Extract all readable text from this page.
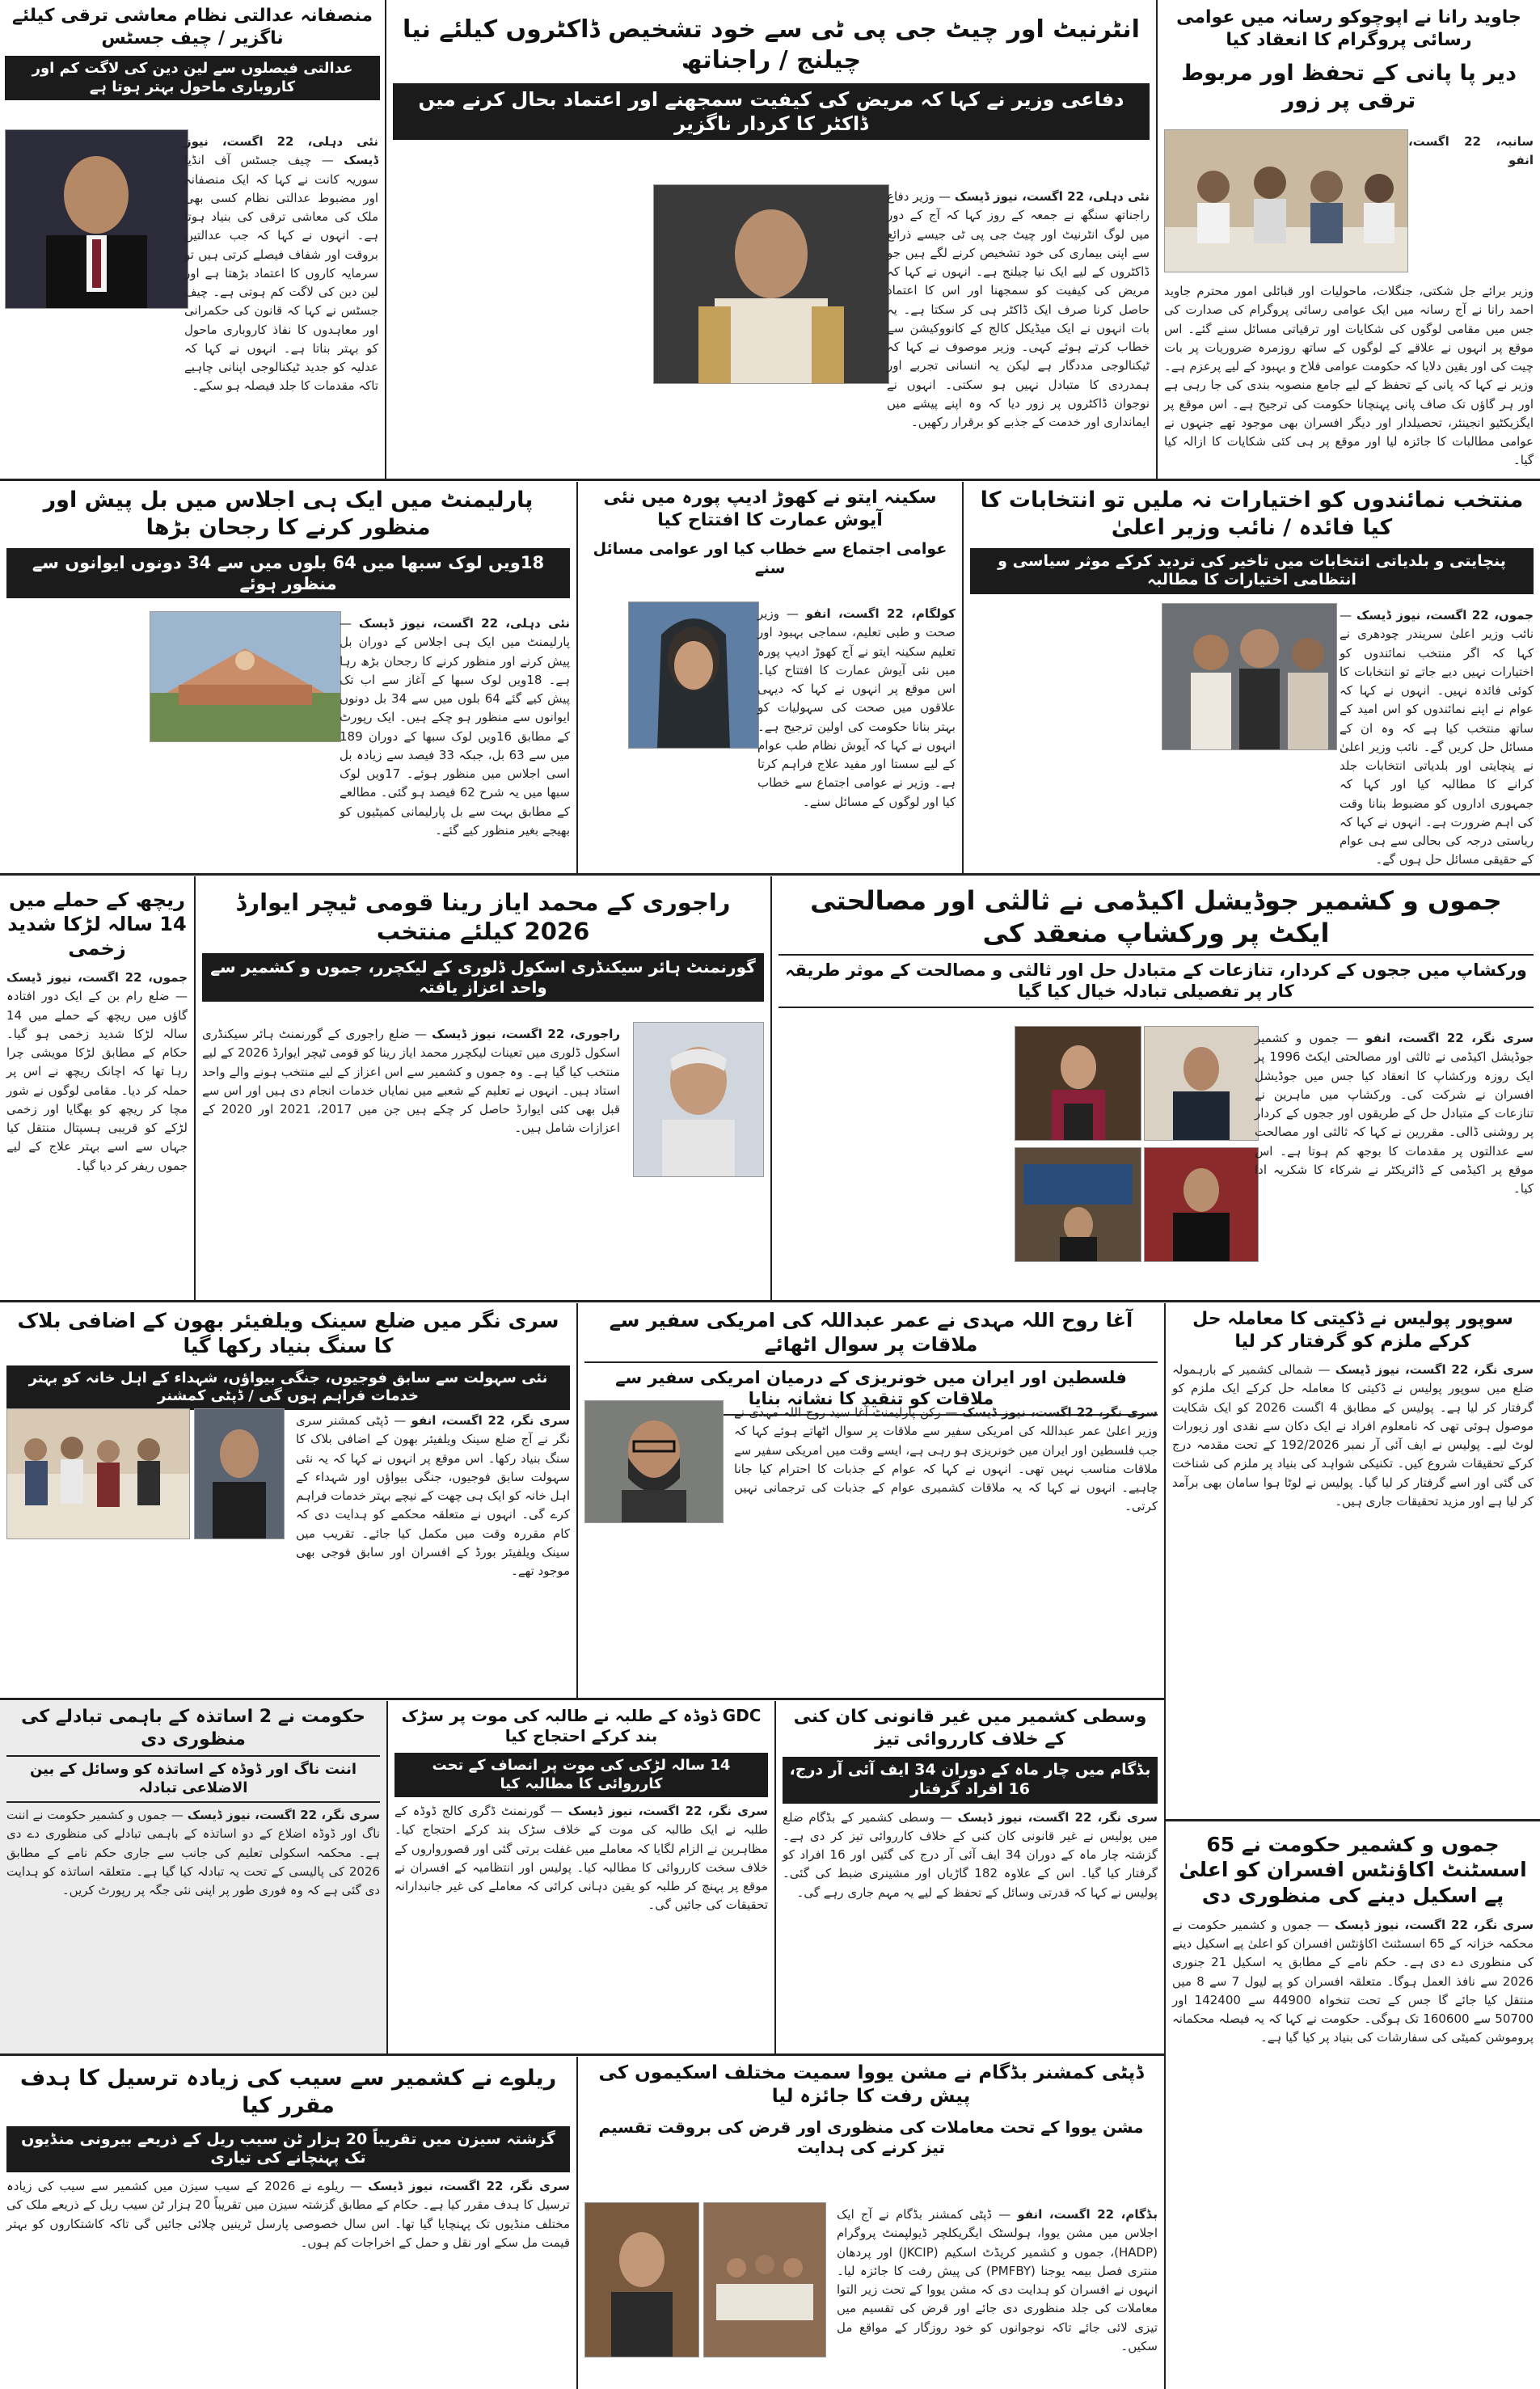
جاوید رانا نے اپوچوکو رسانہ میں عوامی رسائی پروگرام کا انعقاد کیا
دیر پا پانی کے تحفظ اور مربوط ترقی پر زور

سانبہ، 22 اگست، انفو

وزیر برائے جل شکتی، جنگلات، ماحولیات اور قبائلی امور محترم جاوید احمد رانا نے آج رسانہ میں ایک عوامی رسائی پروگرام کی صدارت کی جس میں مقامی لوگوں کی شکایات اور ترقیاتی مسائل سنے گئے۔ اس موقع پر انہوں نے علاقے کے لوگوں کے ساتھ روزمرہ ضروریات پر بات چیت کی اور یقین دلایا کہ حکومت عوامی فلاح و بہبود کے لیے پرعزم ہے۔ وزیر نے کہا کہ پانی کے تحفظ کے لیے جامع منصوبہ بندی کی جا رہی ہے اور ہر گاؤں تک صاف پانی پہنچانا حکومت کی ترجیح ہے۔ اس موقع پر ایگزیکٹیو انجینئر، تحصیلدار اور دیگر افسران بھی موجود تھے جنہوں نے عوامی مطالبات کا جائزہ لیا اور موقع پر ہی کئی شکایات کا ازالہ کیا گیا۔

انٹرنیٹ اور چیٹ جی پی ٹی سے خود تشخیص ڈاکٹروں کیلئے نیا چیلنج / راجناتھ
دفاعی وزیر نے کہا کہ مریض کی کیفیت سمجھنے اور اعتماد بحال کرنے میں ڈاکٹر کا کردار ناگزیر

نئی دہلی، 22 اگست، نیوز ڈیسک — وزیر دفاع راجناتھ سنگھ نے جمعہ کے روز کہا کہ آج کے دور میں لوگ انٹرنیٹ اور چیٹ جی پی ٹی جیسے ذرائع سے اپنی بیماری کی خود تشخیص کرنے لگے ہیں جو ڈاکٹروں کے لیے ایک نیا چیلنج ہے۔ انہوں نے کہا کہ مریض کی کیفیت کو سمجھنا اور اس کا اعتماد حاصل کرنا صرف ایک ڈاکٹر ہی کر سکتا ہے۔ یہ بات انہوں نے ایک میڈیکل کالج کے کانووکیشن سے خطاب کرتے ہوئے کہی۔ وزیر موصوف نے کہا کہ ٹیکنالوجی مددگار ہے لیکن یہ انسانی تجربے اور ہمدردی کا متبادل نہیں ہو سکتی۔ انہوں نے نوجوان ڈاکٹروں پر زور دیا کہ وہ اپنے پیشے میں ایمانداری اور خدمت کے جذبے کو برقرار رکھیں۔

منصفانہ عدالتی نظام معاشی ترقی کیلئے ناگزیر / چیف جسٹس
عدالتی فیصلوں سے لین دین کی لاگت کم اور کاروباری ماحول بہتر ہوتا ہے

نئی دہلی، 22 اگست، نیوز ڈیسک — چیف جسٹس آف انڈیا سوریہ کانت نے کہا کہ ایک منصفانہ اور مضبوط عدالتی نظام کسی بھی ملک کی معاشی ترقی کی بنیاد ہوتا ہے۔ انہوں نے کہا کہ جب عدالتیں بروقت اور شفاف فیصلے کرتی ہیں تو سرمایہ کاروں کا اعتماد بڑھتا ہے اور لین دین کی لاگت کم ہوتی ہے۔ چیف جسٹس نے کہا کہ قانون کی حکمرانی اور معاہدوں کا نفاذ کاروباری ماحول کو بہتر بناتا ہے۔ انہوں نے کہا کہ عدلیہ کو جدید ٹیکنالوجی اپنانی چاہیے تاکہ مقدمات کا جلد فیصلہ ہو سکے۔

منتخب نمائندوں کو اختیارات نہ ملیں تو انتخابات کا کیا فائدہ / نائب وزیر اعلیٰ
پنچایتی و بلدیاتی انتخابات میں تاخیر کی تردید کرکے موثر سیاسی و انتظامی اختیارات کا مطالبہ

جموں، 22 اگست، نیوز ڈیسک — نائب وزیر اعلیٰ سریندر چودھری نے کہا کہ اگر منتخب نمائندوں کو اختیارات نہیں دیے جاتے تو انتخابات کا کوئی فائدہ نہیں۔ انہوں نے کہا کہ عوام نے اپنے نمائندوں کو اس امید کے ساتھ منتخب کیا ہے کہ وہ ان کے مسائل حل کریں گے۔ نائب وزیر اعلیٰ نے پنچایتی اور بلدیاتی انتخابات جلد کرانے کا مطالبہ کیا اور کہا کہ جمہوری اداروں کو مضبوط بنانا وقت کی اہم ضرورت ہے۔ انہوں نے کہا کہ ریاستی درجہ کی بحالی سے ہی عوام کے حقیقی مسائل حل ہوں گے۔

سکینہ ایتو نے کھوڑ ادیپ پورہ میں نئی آیوش عمارت کا افتتاح کیا
عوامی اجتماع سے خطاب کیا اور عوامی مسائل سنے

کولگام، 22 اگست، انفو — وزیر صحت و طبی تعلیم، سماجی بہبود اور تعلیم سکینہ ایتو نے آج کھوڑ ادیپ پورہ میں نئی آیوش عمارت کا افتتاح کیا۔ اس موقع پر انہوں نے کہا کہ دیہی علاقوں میں صحت کی سہولیات کو بہتر بنانا حکومت کی اولین ترجیح ہے۔ انہوں نے کہا کہ آیوش نظام طب عوام کے لیے سستا اور مفید علاج فراہم کرتا ہے۔ وزیر نے عوامی اجتماع سے خطاب کیا اور لوگوں کے مسائل سنے۔

پارلیمنٹ میں ایک ہی اجلاس میں بل پیش اور منظور کرنے کا رجحان بڑھا
18ویں لوک سبھا میں 64 بلوں میں سے 34 دونوں ایوانوں سے منظور ہوئے

نئی دہلی، 22 اگست، نیوز ڈیسک — پارلیمنٹ میں ایک ہی اجلاس کے دوران بل پیش کرنے اور منظور کرنے کا رجحان بڑھ رہا ہے۔ 18ویں لوک سبھا کے آغاز سے اب تک پیش کیے گئے 64 بلوں میں سے 34 بل دونوں ایوانوں سے منظور ہو چکے ہیں۔ ایک رپورٹ کے مطابق 16ویں لوک سبھا کے دوران 189 میں سے 63 بل، جبکہ 33 فیصد سے زیادہ بل اسی اجلاس میں منظور ہوئے۔ 17ویں لوک سبھا میں یہ شرح 62 فیصد ہو گئی۔ مطالعے کے مطابق بہت سے بل پارلیمانی کمیٹیوں کو بھیجے بغیر منظور کیے گئے۔

جموں و کشمیر جوڈیشل اکیڈمی نے ثالثی اور مصالحتی ایکٹ پر ورکشاپ منعقد کی
ورکشاپ میں ججوں کے کردار، تنازعات کے متبادل حل اور ثالثی و مصالحت کے موثر طریقہ کار پر تفصیلی تبادلہ خیال کیا گیا

سری نگر، 22 اگست، انفو — جموں و کشمیر جوڈیشل اکیڈمی نے ثالثی اور مصالحتی ایکٹ 1996 پر ایک روزہ ورکشاپ کا انعقاد کیا جس میں جوڈیشل افسران نے شرکت کی۔ ورکشاپ میں ماہرین نے تنازعات کے متبادل حل کے طریقوں اور ججوں کے کردار پر روشنی ڈالی۔ مقررین نے کہا کہ ثالثی اور مصالحت سے عدالتوں پر مقدمات کا بوجھ کم ہوتا ہے۔ اس موقع پر اکیڈمی کے ڈائریکٹر نے شرکاء کا شکریہ ادا کیا۔

راجوری کے محمد ایاز رینا قومی ٹیچر ایوارڈ 2026 کیلئے منتخب
گورنمنٹ ہائر سیکنڈری اسکول ڈلوری کے لیکچرر، جموں و کشمیر سے واحد اعزاز یافتہ

راجوری، 22 اگست، نیوز ڈیسک — ضلع راجوری کے گورنمنٹ ہائر سیکنڈری اسکول ڈلوری میں تعینات لیکچرر محمد ایاز رینا کو قومی ٹیچر ایوارڈ 2026 کے لیے منتخب کیا گیا ہے۔ وہ جموں و کشمیر سے اس اعزاز کے لیے منتخب ہونے والے واحد استاد ہیں۔ انہوں نے تعلیم کے شعبے میں نمایاں خدمات انجام دی ہیں اور اس سے قبل بھی کئی ایوارڈ حاصل کر چکے ہیں جن میں 2017، 2021 اور 2020 کے اعزازات شامل ہیں۔

ریچھ کے حملے میں 14 سالہ لڑکا شدید زخمی

جموں، 22 اگست، نیوز ڈیسک — ضلع رام بن کے ایک دور افتادہ گاؤں میں ریچھ کے حملے میں 14 سالہ لڑکا شدید زخمی ہو گیا۔ حکام کے مطابق لڑکا مویشی چرا رہا تھا کہ اچانک ریچھ نے اس پر حملہ کر دیا۔ مقامی لوگوں نے شور مچا کر ریچھ کو بھگایا اور زخمی لڑکے کو قریبی ہسپتال منتقل کیا جہاں سے اسے بہتر علاج کے لیے جموں ریفر کر دیا گیا۔

سوپور پولیس نے ڈکیتی کا معاملہ حل کرکے ملزم کو گرفتار کر لیا

سری نگر، 22 اگست، نیوز ڈیسک — شمالی کشمیر کے بارہمولہ ضلع میں سوپور پولیس نے ڈکیتی کا معاملہ حل کرکے ایک ملزم کو گرفتار کر لیا ہے۔ پولیس کے مطابق 4 اگست 2026 کو ایک شکایت موصول ہوئی تھی کہ نامعلوم افراد نے ایک دکان سے نقدی اور زیورات لوٹ لیے۔ پولیس نے ایف آئی آر نمبر 192/2026 کے تحت مقدمہ درج کرکے تحقیقات شروع کیں۔ تکنیکی شواہد کی بنیاد پر ملزم کی شناخت کی گئی اور اسے گرفتار کر لیا گیا۔ پولیس نے لوٹا ہوا سامان بھی برآمد کر لیا ہے اور مزید تحقیقات جاری ہیں۔

آغا روح اللہ مہدی نے عمر عبداللہ کی امریکی سفیر سے ملاقات پر سوال اٹھائے
فلسطین اور ایران میں خونریزی کے درمیان امریکی سفیر سے ملاقات کو تنقید کا نشانہ بنایا

سری نگر، 22 اگست، نیوز ڈیسک — رکن پارلیمنٹ آغا سید روح اللہ مہدی نے وزیر اعلیٰ عمر عبداللہ کی امریکی سفیر سے ملاقات پر سوال اٹھاتے ہوئے کہا کہ جب فلسطین اور ایران میں خونریزی ہو رہی ہے، ایسے وقت میں امریکی سفیر سے ملاقات مناسب نہیں تھی۔ انہوں نے کہا کہ عوام کے جذبات کا احترام کیا جانا چاہیے۔ انہوں نے کہا کہ یہ ملاقات کشمیری عوام کے جذبات کی ترجمانی نہیں کرتی۔

سری نگر میں ضلع سینک ویلفیئر بھون کے اضافی بلاک کا سنگ بنیاد رکھا گیا
نئی سہولت سے سابق فوجیوں، جنگی بیواؤں، شہداء کے اہل خانہ کو بہتر خدمات فراہم ہوں گی / ڈپٹی کمشنر

سری نگر، 22 اگست، انفو — ڈپٹی کمشنر سری نگر نے آج ضلع سینک ویلفیئر بھون کے اضافی بلاک کا سنگ بنیاد رکھا۔ اس موقع پر انہوں نے کہا کہ یہ نئی سہولت سابق فوجیوں، جنگی بیواؤں اور شہداء کے اہل خانہ کو ایک ہی چھت کے نیچے بہتر خدمات فراہم کرے گی۔ انہوں نے متعلقہ محکمے کو ہدایت دی کہ کام مقررہ وقت میں مکمل کیا جائے۔ تقریب میں سینک ویلفیئر بورڈ کے افسران اور سابق فوجی بھی موجود تھے۔

وسطی کشمیر میں غیر قانونی کان کنی کے خلاف کارروائی تیز
بڈگام میں چار ماہ کے دوران 34 ایف آئی آر درج، 16 افراد گرفتار

سری نگر، 22 اگست، نیوز ڈیسک — وسطی کشمیر کے بڈگام ضلع میں پولیس نے غیر قانونی کان کنی کے خلاف کارروائی تیز کر دی ہے۔ گزشتہ چار ماہ کے دوران 34 ایف آئی آر درج کی گئیں اور 16 افراد کو گرفتار کیا گیا۔ اس کے علاوہ 182 گاڑیاں اور مشینری ضبط کی گئی۔ پولیس نے کہا کہ قدرتی وسائل کے تحفظ کے لیے یہ مہم جاری رہے گی۔

GDC ڈوڈہ کے طلبہ نے طالبہ کی موت پر سڑک بند کرکے احتجاج کیا
14 سالہ لڑکی کی موت پر انصاف کے تحت کارروائی کا مطالبہ کیا

سری نگر، 22 اگست، نیوز ڈیسک — گورنمنٹ ڈگری کالج ڈوڈہ کے طلبہ نے ایک طالبہ کی موت کے خلاف سڑک بند کرکے احتجاج کیا۔ مظاہرین نے الزام لگایا کہ معاملے میں غفلت برتی گئی اور قصورواروں کے خلاف سخت کارروائی کا مطالبہ کیا۔ پولیس اور انتظامیہ کے افسران نے موقع پر پہنچ کر طلبہ کو یقین دہانی کرائی کہ معاملے کی غیر جانبدارانہ تحقیقات کی جائیں گی۔

حکومت نے 2 اساتذہ کے باہمی تبادلے کی منظوری دی
اننت ناگ اور ڈوڈہ کے اساتذہ کو وسائل کے بین الاضلاعی تبادلہ

سری نگر، 22 اگست، نیوز ڈیسک — جموں و کشمیر حکومت نے اننت ناگ اور ڈوڈہ اضلاع کے دو اساتذہ کے باہمی تبادلے کی منظوری دے دی ہے۔ محکمہ اسکولی تعلیم کی جانب سے جاری حکم نامے کے مطابق 2026 کی پالیسی کے تحت یہ تبادلہ کیا گیا ہے۔ متعلقہ اساتذہ کو ہدایت دی گئی ہے کہ وہ فوری طور پر اپنی نئی جگہ پر رپورٹ کریں۔

جموں و کشمیر حکومت نے 65 اسسٹنٹ اکاؤنٹس افسران کو اعلیٰ پے اسکیل دینے کی منظوری دی

سری نگر، 22 اگست، نیوز ڈیسک — جموں و کشمیر حکومت نے محکمہ خزانہ کے 65 اسسٹنٹ اکاؤنٹس افسران کو اعلیٰ پے اسکیل دینے کی منظوری دے دی ہے۔ حکم نامے کے مطابق یہ اسکیل 21 جنوری 2026 سے نافذ العمل ہوگا۔ متعلقہ افسران کو پے لیول 7 سے 8 میں منتقل کیا جائے گا جس کے تحت تنخواہ 44900 سے 142400 اور 50700 سے 160600 تک ہوگی۔ حکومت نے کہا کہ یہ فیصلہ محکمانہ پروموشن کمیٹی کی سفارشات کی بنیاد پر کیا گیا ہے۔

ڈپٹی کمشنر بڈگام نے مشن یووا سمیت مختلف اسکیموں کی پیش رفت کا جائزہ لیا
مشن یووا کے تحت معاملات کی منظوری اور قرض کی بروقت تقسیم تیز کرنے کی ہدایت

بڈگام، 22 اگست، انفو — ڈپٹی کمشنر بڈگام نے آج ایک اجلاس میں مشن یووا، ہولسٹک ایگریکلچر ڈیولپمنٹ پروگرام (HADP)، جموں و کشمیر کریڈٹ اسکیم (JKCIP) اور پردھان منتری فصل بیمہ یوجنا (PMFBY) کی پیش رفت کا جائزہ لیا۔ انہوں نے افسران کو ہدایت دی کہ مشن یووا کے تحت زیر التوا معاملات کی جلد منظوری دی جائے اور قرض کی تقسیم میں تیزی لائی جائے تاکہ نوجوانوں کو خود روزگار کے مواقع مل سکیں۔

ریلوے نے کشمیر سے سیب کی زیادہ ترسیل کا ہدف مقرر کیا
گزشتہ سیزن میں تقریباً 20 ہزار ٹن سیب ریل کے ذریعے بیرونی منڈیوں تک پہنچانے کی تیاری

سری نگر، 22 اگست، نیوز ڈیسک — ریلوے نے 2026 کے سیب سیزن میں کشمیر سے سیب کی زیادہ ترسیل کا ہدف مقرر کیا ہے۔ حکام کے مطابق گزشتہ سیزن میں تقریباً 20 ہزار ٹن سیب ریل کے ذریعے ملک کی مختلف منڈیوں تک پہنچایا گیا تھا۔ اس سال خصوصی پارسل ٹرینیں چلائی جائیں گی تاکہ کاشتکاروں کو بہتر قیمت مل سکے اور نقل و حمل کے اخراجات کم ہوں۔
